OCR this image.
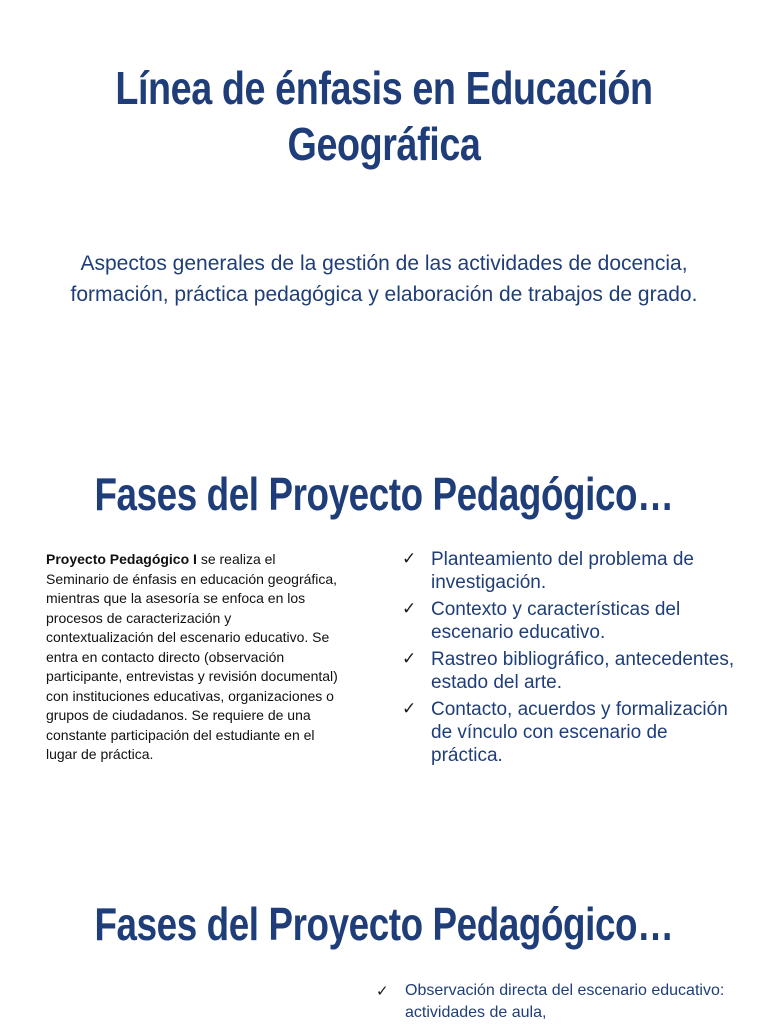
Línea de énfasis en Educación Geográfica
Aspectos generales de la gestión de las actividades de docencia, formación, práctica pedagógica y elaboración de trabajos de grado.
Fases del Proyecto Pedagógico…
Proyecto Pedagógico I se realiza el Seminario de énfasis en educación geográfica, mientras que la asesoría se enfoca en los procesos de caracterización y contextualización del escenario educativo. Se entra en contacto directo (observación participante, entrevistas y revisión documental) con instituciones educativas, organizaciones o grupos de ciudadanos. Se requiere de una constante participación del estudiante en el lugar de práctica.
✓ Planteamiento del problema de investigación.
✓ Contexto y características del escenario educativo.
✓ Rastreo bibliográfico, antecedentes, estado del arte.
✓ Contacto, acuerdos y formalización de vínculo con escenario de práctica.
Fases del Proyecto Pedagógico…
✓ Observación directa del escenario educativo: actividades de aula,
